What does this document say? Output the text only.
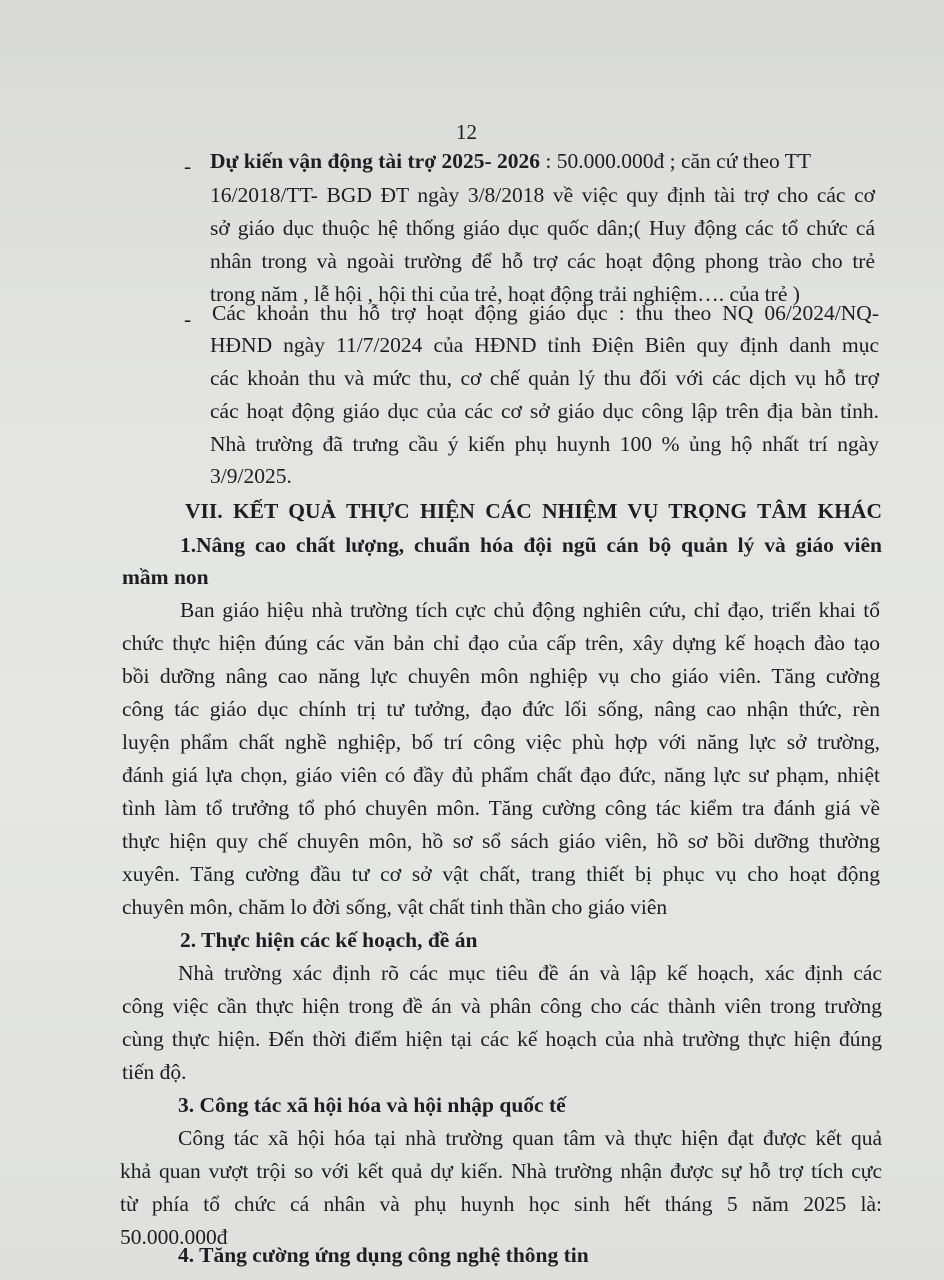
12
- Dự kiến vận động tài trợ 2025- 2026 : 50.000.000đ ; căn cứ theo TT
16/2018/TT- BGD ĐT ngày 3/8/2018 về việc quy định tài trợ cho các cơ
sở giáo dục thuộc hệ thống giáo dục quốc dân;( Huy động các tổ chức cá
nhân trong và ngoài trường để hỗ trợ các hoạt động phong trào cho trẻ
trong năm , lễ hội , hội thi của trẻ, hoạt động trải nghiệm…. của trẻ )
- Các khoản thu hỗ trợ hoạt động giáo dục : thu theo NQ 06/2024/NQ-
HĐND ngày 11/7/2024 của HĐND tỉnh Điện Biên quy định danh mục
các khoản thu và mức thu, cơ chế quản lý thu đối với các dịch vụ hỗ trợ
các hoạt động giáo dục của các cơ sở giáo dục công lập trên địa bàn tỉnh.
Nhà trường đã trưng cầu ý kiến phụ huynh 100 % ủng hộ nhất trí ngày
3/9/2025.
VII. KẾT QUẢ THỰC HIỆN CÁC NHIỆM VỤ TRỌNG TÂM KHÁC
1.Nâng cao chất lượng, chuẩn hóa đội ngũ cán bộ quản lý và giáo viên
mầm non
Ban giáo hiệu nhà trường tích cực chủ động nghiên cứu, chỉ đạo, triển khai tổ
chức thực hiện đúng các văn bản chỉ đạo của cấp trên, xây dựng kế hoạch đào tạo
bồi dưỡng nâng cao năng lực chuyên môn nghiệp vụ cho giáo viên. Tăng cường
công tác giáo dục chính trị tư tưởng, đạo đức lối sống, nâng cao nhận thức, rèn
luyện phẩm chất nghề nghiệp, bố trí công việc phù hợp với năng lực sở trường,
đánh giá lựa chọn, giáo viên có đầy đủ phẩm chất đạo đức, năng lực sư phạm, nhiệt
tình làm tổ trưởng tổ phó chuyên môn. Tăng cường công tác kiểm tra đánh giá về
thực hiện quy chế chuyên môn, hồ sơ sổ sách giáo viên, hồ sơ bồi dưỡng thường
xuyên. Tăng cường đầu tư cơ sở vật chất, trang thiết bị phục vụ cho hoạt động
chuyên môn, chăm lo đời sống, vật chất tinh thần cho giáo viên
2. Thực hiện các kế hoạch, đề án
Nhà trường xác định rõ các mục tiêu đề án và lập kế hoạch, xác định các
công việc cần thực hiện trong đề án và phân công cho các thành viên trong trường
cùng thực hiện. Đến thời điểm hiện tại các kế hoạch của nhà trường thực hiện đúng
tiến độ.
3. Công tác xã hội hóa và hội nhập quốc tế
Công tác xã hội hóa tại nhà trường quan tâm và thực hiện đạt được kết quả
khả quan vượt trội so với kết quả dự kiến. Nhà trường nhận được sự hỗ trợ tích cực
từ phía tổ chức cá nhân và phụ huynh học sinh hết tháng 5 năm 2025 là:
50.000.000đ
4. Tăng cường ứng dụng công nghệ thông tin
